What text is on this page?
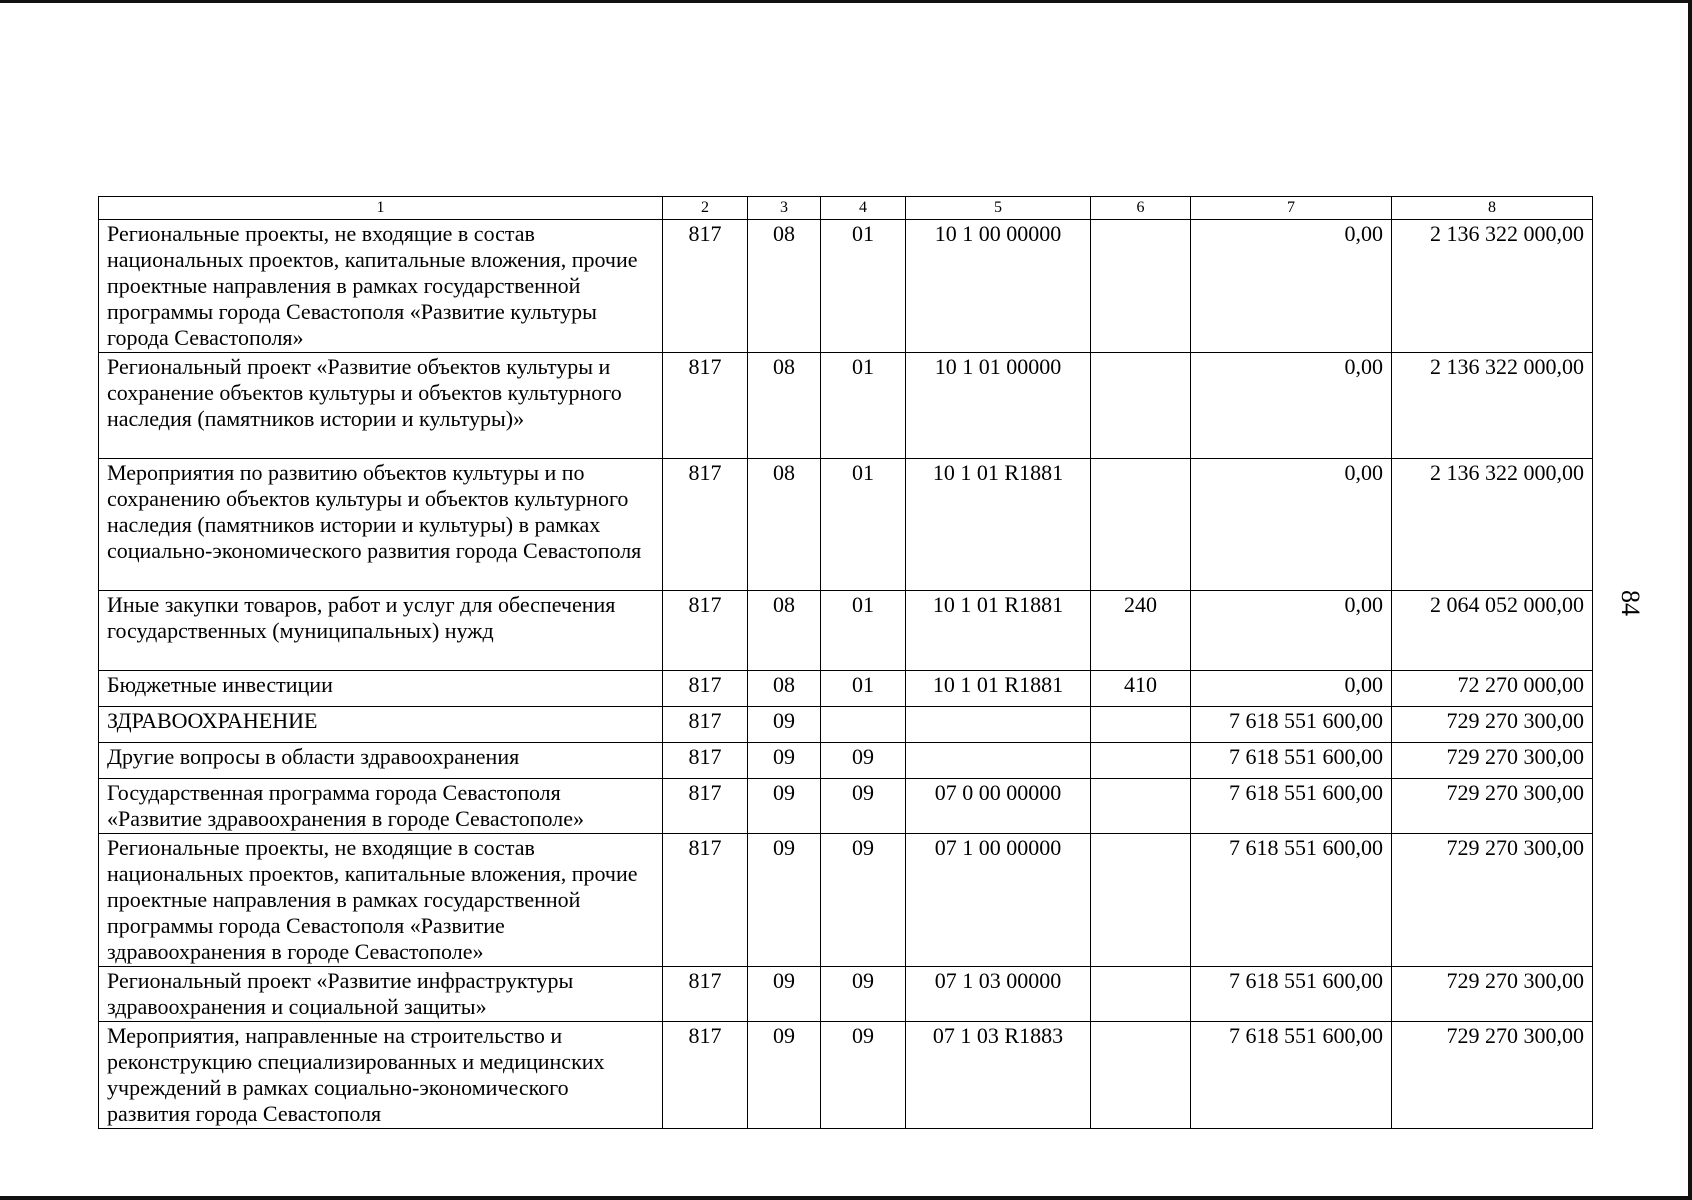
1	2	3	4	5	6	7	8
Региональные проекты, не входящие в состав национальных проектов, капитальные вложения, прочие проектные направления в рамках государственной программы города Севастополя «Развитие культуры города Севастополя»	817	08	01	10 1 00 00000		0,00	2 136 322 000,00
Региональный проект «Развитие объектов культуры и сохранение объектов культуры и объектов культурного наследия (памятников истории и культуры)»	817	08	01	10 1 01 00000		0,00	2 136 322 000,00
Мероприятия по развитию объектов культуры и по сохранению объектов культуры и объектов культурного наследия (памятников истории и культуры) в рамках социально-экономического развития города Севастополя	817	08	01	10 1 01 R1881		0,00	2 136 322 000,00
Иные закупки товаров, работ и услуг для обеспечения государственных (муниципальных) нужд	817	08	01	10 1 01 R1881	240	0,00	2 064 052 000,00
Бюджетные инвестиции	817	08	01	10 1 01 R1881	410	0,00	72 270 000,00
ЗДРАВООХРАНЕНИЕ	817	09				7 618 551 600,00	729 270 300,00
Другие вопросы в области здравоохранения	817	09	09			7 618 551 600,00	729 270 300,00
Государственная программа города Севастополя «Развитие здравоохранения в городе Севастополе»	817	09	09	07 0 00 00000		7 618 551 600,00	729 270 300,00
Региональные проекты, не входящие в состав национальных проектов, капитальные вложения, прочие проектные направления в рамках государственной программы города Севастополя «Развитие здравоохранения в городе Севастополе»	817	09	09	07 1 00 00000		7 618 551 600,00	729 270 300,00
Региональный проект «Развитие инфраструктуры здравоохранения и социальной защиты»	817	09	09	07 1 03 00000		7 618 551 600,00	729 270 300,00
Мероприятия, направленные на строительство и реконструкцию специализированных и медицинских учреждений в рамках социально-экономического развития города Севастополя	817	09	09	07 1 03 R1883		7 618 551 600,00	729 270 300,00
84
